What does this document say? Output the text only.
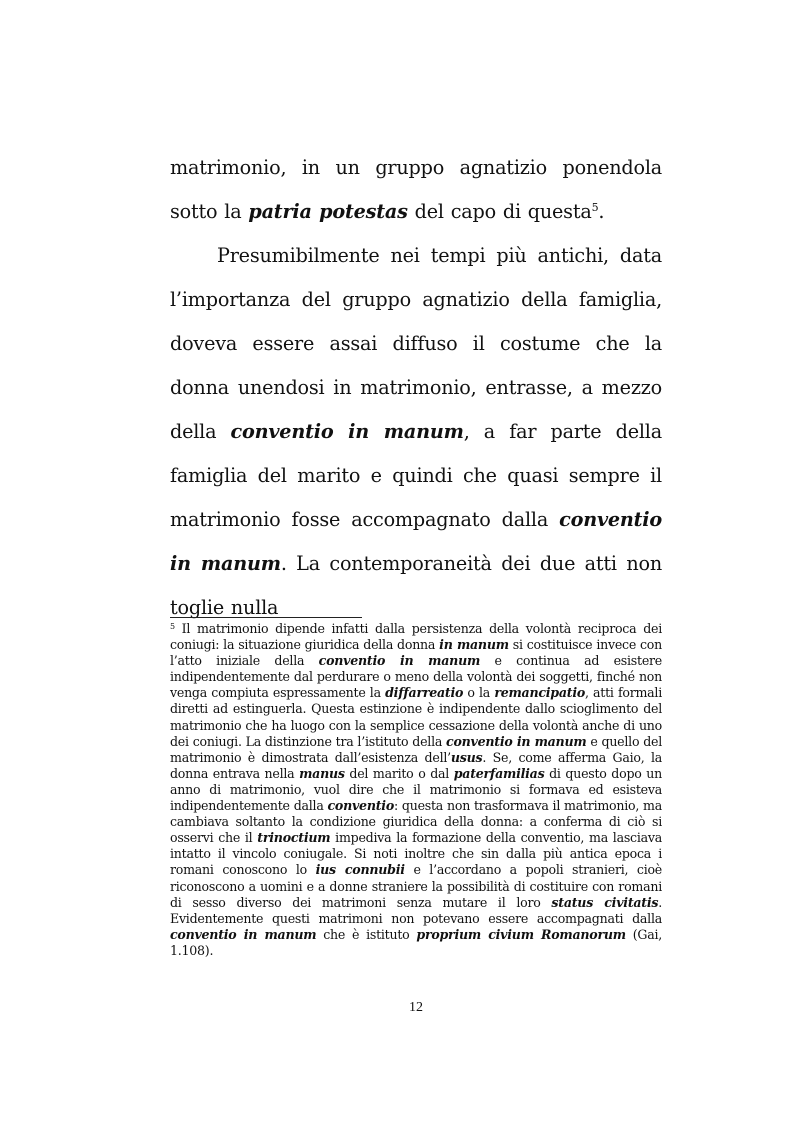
matrimonio, in un gruppo agnatizio ponendola sotto la patria potestas del capo di questa$^5$.

Presumibilmente nei tempi più antichi, data l’importanza del gruppo agnatizio della famiglia, doveva essere assai diffuso il costume che la donna unendosi in matrimonio, entrasse, a mezzo della conventio in manum, a far parte della famiglia del marito e quindi che quasi sempre il matrimonio fosse accompagnato dalla conventio in manum. La contemporaneità dei due atti non toglie nulla

$^5$ Il matrimonio dipende infatti dalla persistenza della volontà reciproca dei coniugi: la situazione giuridica della donna in manum si costituisce invece con l’atto iniziale della conventio in manum e continua ad esistere indipendentemente dal perdurare o meno della volontà dei soggetti, finché non venga compiuta espressamente la diffarreatio o la remancipatio, atti formali diretti ad estinguerla. Questa estinzione è indipendente dallo scioglimento del matrimonio che ha luogo con la semplice cessazione della volontà anche di uno dei coniugi. La distinzione tra l’istituto della conventio in manum e quello del matrimonio è dimostrata dall’esistenza dell’usus. Se, come afferma Gaio, la donna entrava nella manus del marito o dal paterfamilias di questo dopo un anno di matrimonio, vuol dire che il matrimonio si formava ed esisteva indipendentemente dalla conventio: questa non trasformava il matrimonio, ma cambiava soltanto la condizione giuridica della donna: a conferma di ciò si osservi che il trinoctium impediva la formazione della conventio, ma lasciava intatto il vincolo coniugale. Si noti inoltre che sin dalla più antica epoca i romani conoscono lo ius connubii e l’accordano a popoli stranieri, cioè riconoscono a uomini e a donne straniere la possibilità di costituire con romani di sesso diverso dei matrimoni senza mutare il loro status civitatis. Evidentemente questi matrimoni non potevano essere accompagnati dalla conventio in manum che è istituto proprium civium Romanorum (Gai, 1.108).

12
